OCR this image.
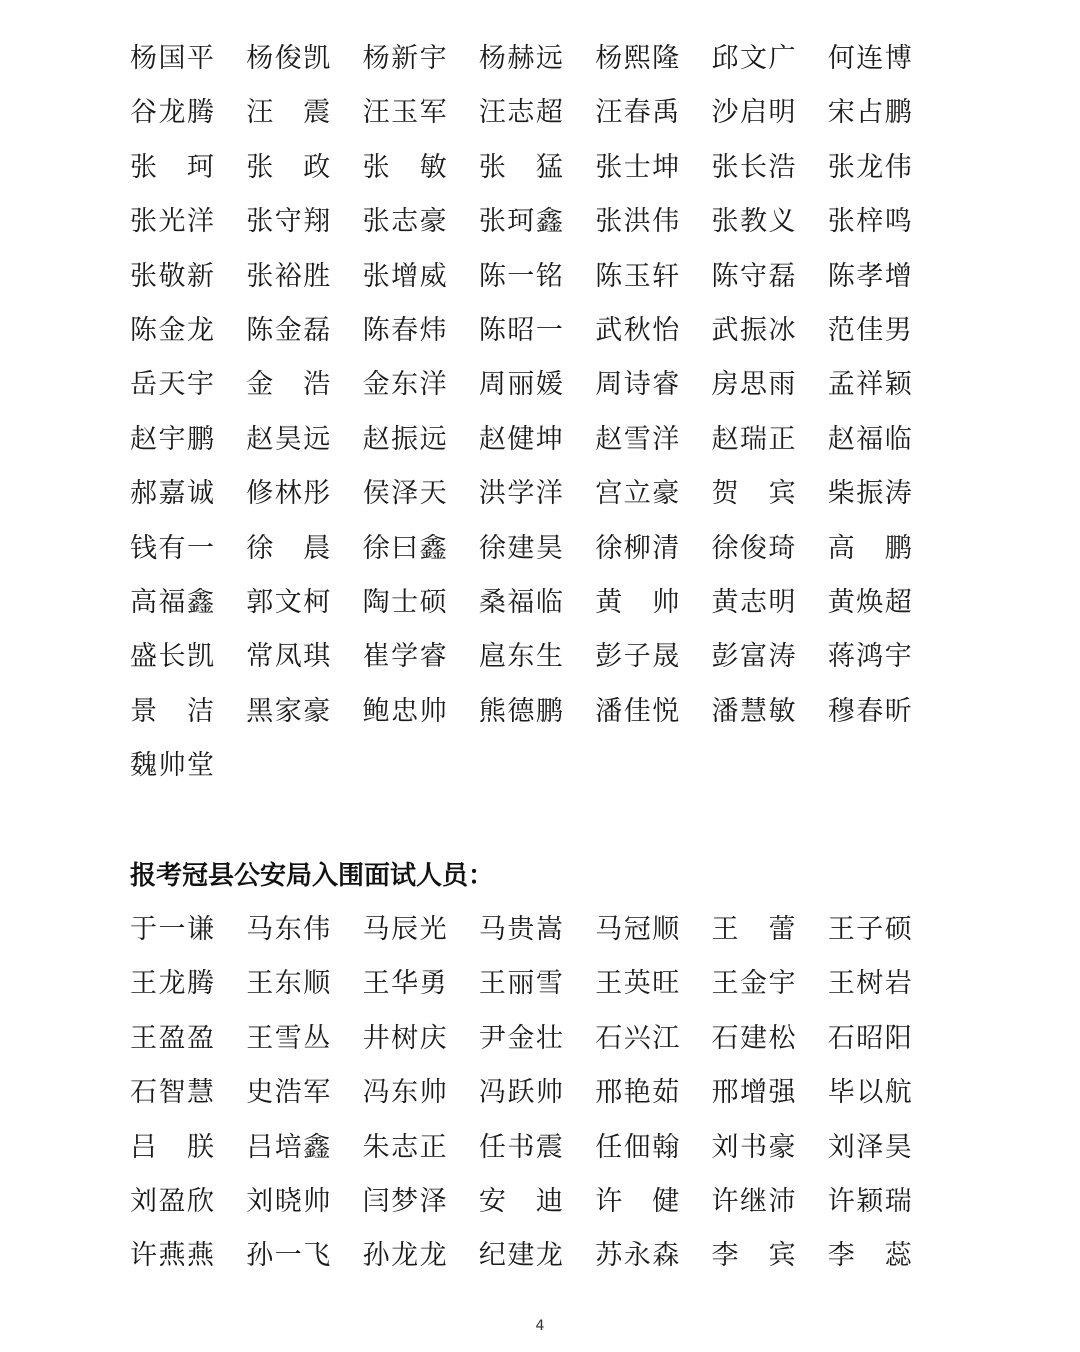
杨 国 平 杨 俊 凯 杨 新 宇 杨 赫 远 杨 熙 隆 邱 文 广 何 连 博
谷 龙 腾 汪 震 汪 玉 军 汪 志 超 汪 春 禹 沙 启 明 宋 占 鹏
张 珂 张 政 张 敏 张 猛 张 士 坤 张 长 浩 张 龙 伟
张 光 洋 张 守 翔 张 志 豪 张 珂 鑫 张 洪 伟 张 教 义 张 梓 鸣
张 敬 新 张 裕 胜 张 增 威 陈 一 铭 陈 玉 轩 陈 守 磊 陈 孝 增
陈 金 龙 陈 金 磊 陈 春 炜 陈 昭 一 武 秋 怡 武 振 冰 范 佳 男
岳 天 宇 金 浩 金 东 洋 周 丽 媛 周 诗 睿 房 思 雨 孟 祥 颖
赵 宇 鹏 赵 昊 远 赵 振 远 赵 健 坤 赵 雪 洋 赵 瑞 正 赵 福 临
郝 嘉 诚 修 林 彤 侯 泽 天 洪 学 洋 宫 立 豪 贺 宾 柴 振 涛
钱 有 一 徐 晨 徐 曰 鑫 徐 建 昊 徐 柳 清 徐 俊 琦 高 鹏
高 福 鑫 郭 文 柯 陶 士 硕 桑 福 临 黄 帅 黄 志 明 黄 焕 超
盛 长 凯 常 凤 琪 崔 学 睿 扈 东 生 彭 子 晟 彭 富 涛 蒋 鸿 宇
景 洁 黑 家 豪 鲍 忠 帅 熊 德 鹏 潘 佳 悦 潘 慧 敏 穆 春 昕
魏 帅 堂
报考冠县公安局入围面试人员：
于 一 谦 马 东 伟 马 辰 光 马 贵 嵩 马 冠 顺 王 蕾 王 子 硕
王 龙 腾 王 东 顺 王 华 勇 王 丽 雪 王 英 旺 王 金 宇 王 树 岩
王 盈 盈 王 雪 丛 井 树 庆 尹 金 壮 石 兴 江 石 建 松 石 昭 阳
石 智 慧 史 浩 军 冯 东 帅 冯 跃 帅 邢 艳 茹 邢 增 强 毕 以 航
吕 朕 吕 培 鑫 朱 志 正 任 书 震 任 佃 翰 刘 书 豪 刘 泽 昊
刘 盈 欣 刘 晓 帅 闫 梦 泽 安 迪 许 健 许 继 沛 许 颖 瑞
许 燕 燕 孙 一 飞 孙 龙 龙 纪 建 龙 苏 永 森 李 宾 李 蕊
4
